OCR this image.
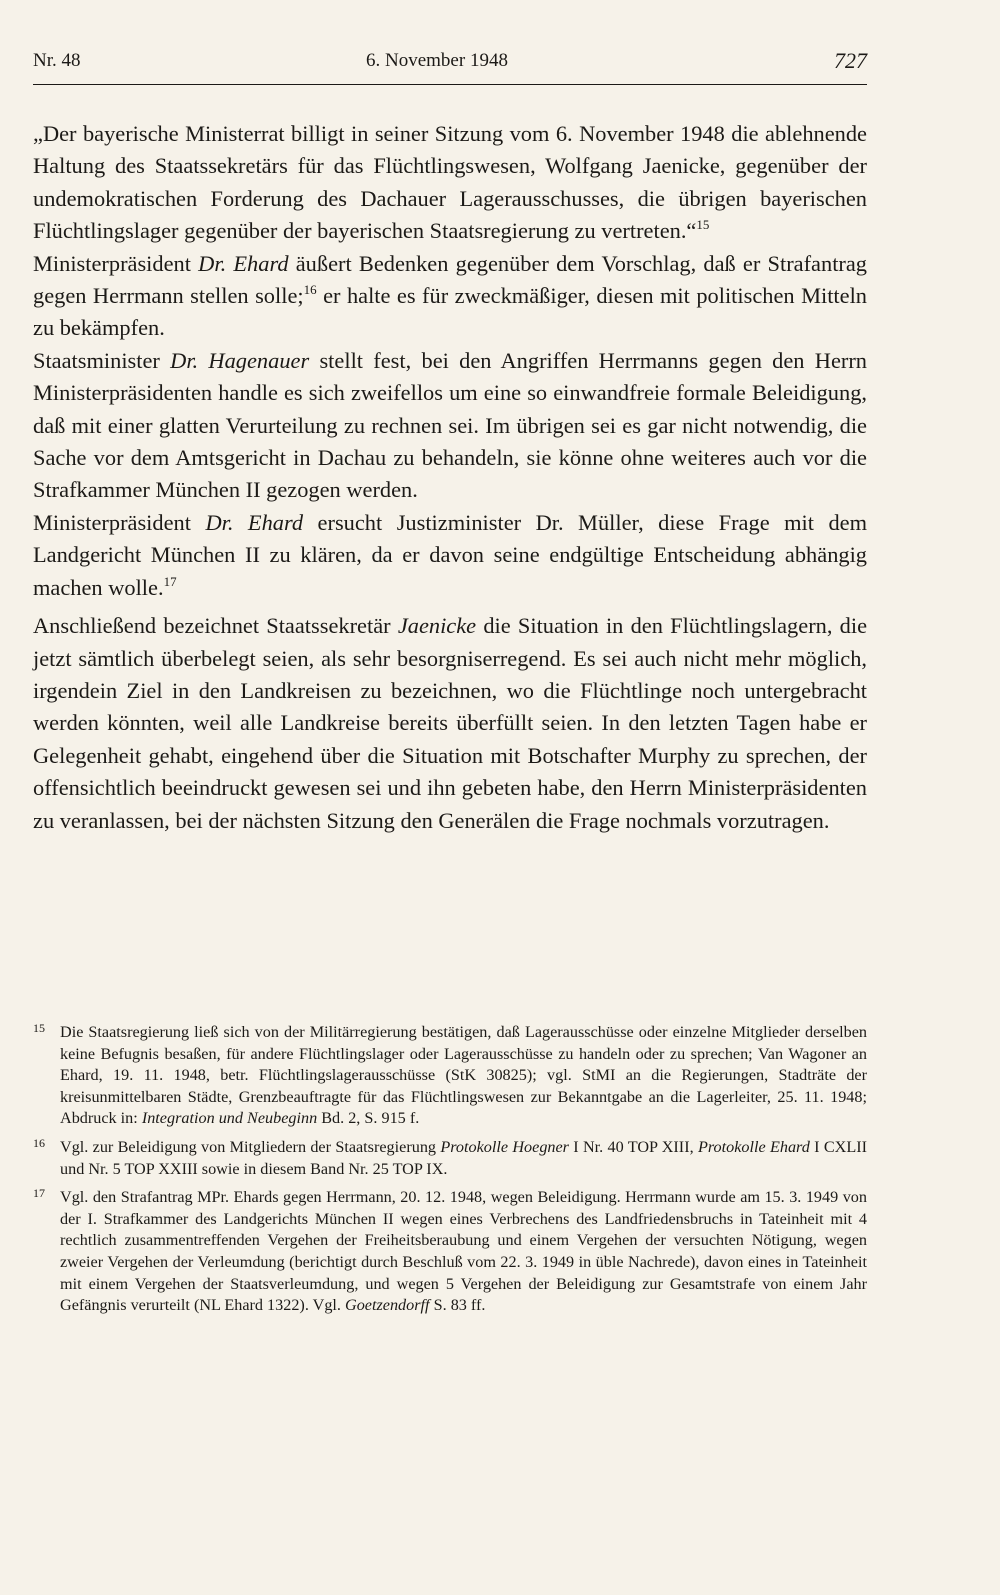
Nr. 48	6. November 1948	727

„Der bayerische Ministerrat billigt in seiner Sitzung vom 6. November 1948 die ablehnende Haltung des Staatssekretärs für das Flüchtlingswesen, Wolfgang Jaenicke, gegenüber der undemokratischen Forderung des Dachauer Lagerausschusses, die übrigen bayerischen Flüchtlingslager gegenüber der bayerischen Staatsregierung zu vertreten.“$^{15}$

Ministerpräsident Dr. Ehard äußert Bedenken gegenüber dem Vorschlag, daß er Strafantrag gegen Herrmann stellen solle;$^{16}$ er halte es für zweckmäßiger, diesen mit politischen Mitteln zu bekämpfen.

Staatsminister Dr. Hagenauer stellt fest, bei den Angriffen Herrmanns gegen den Herrn Ministerpräsidenten handle es sich zweifellos um eine so einwandfreie formale Beleidigung, daß mit einer glatten Verurteilung zu rechnen sei. Im übrigen sei es gar nicht notwendig, die Sache vor dem Amtsgericht in Dachau zu behandeln, sie könne ohne weiteres auch vor die Strafkammer München II gezogen werden.

Ministerpräsident Dr. Ehard ersucht Justizminister Dr. Müller, diese Frage mit dem Landgericht München II zu klären, da er davon seine endgültige Entscheidung abhängig machen wolle.$^{17}$

Anschließend bezeichnet Staatssekretär Jaenicke die Situation in den Flüchtlingslagern, die jetzt sämtlich überbelegt seien, als sehr besorgniserregend. Es sei auch nicht mehr möglich, irgendein Ziel in den Landkreisen zu bezeichnen, wo die Flüchtlinge noch untergebracht werden könnten, weil alle Landkreise bereits überfüllt seien. In den letzten Tagen habe er Gelegenheit gehabt, eingehend über die Situation mit Botschafter Murphy zu sprechen, der offensichtlich beeindruckt gewesen sei und ihn gebeten habe, den Herrn Ministerpräsidenten zu veranlassen, bei der nächsten Sitzung den Generälen die Frage nochmals vorzutragen.

15 Die Staatsregierung ließ sich von der Militärregierung bestätigen, daß Lagerausschüsse oder einzelne Mitglieder derselben keine Befugnis besaßen, für andere Flüchtlingslager oder Lagerausschüsse zu handeln oder zu sprechen; Van Wagoner an Ehard, 19. 11. 1948, betr. Flüchtlingslagerausschüsse (StK 30825); vgl. StMI an die Regierungen, Stadträte der kreisunmittelbaren Städte, Grenzbeauftragte für das Flüchtlingswesen zur Bekanntgabe an die Lagerleiter, 25. 11. 1948; Abdruck in: Integration und Neubeginn Bd. 2, S. 915 f.
16 Vgl. zur Beleidigung von Mitgliedern der Staatsregierung Protokolle Hoegner I Nr. 40 TOP XIII, Protokolle Ehard I CXLII und Nr. 5 TOP XXIII sowie in diesem Band Nr. 25 TOP IX.
17 Vgl. den Strafantrag MPr. Ehards gegen Herrmann, 20. 12. 1948, wegen Beleidigung. Herrmann wurde am 15. 3. 1949 von der I. Strafkammer des Landgerichts München II wegen eines Verbrechens des Landfriedensbruchs in Tateinheit mit 4 rechtlich zusammentreffenden Vergehen der Freiheitsberaubung und einem Vergehen der versuchten Nötigung, wegen zweier Vergehen der Verleumdung (berichtigt durch Beschluß vom 22. 3. 1949 in üble Nachrede), davon eines in Tateinheit mit einem Vergehen der Staatsverleumdung, und wegen 5 Vergehen der Beleidigung zur Gesamtstrafe von einem Jahr Gefängnis verurteilt (NL Ehard 1322). Vgl. Goetzendorff S. 83 ff.
